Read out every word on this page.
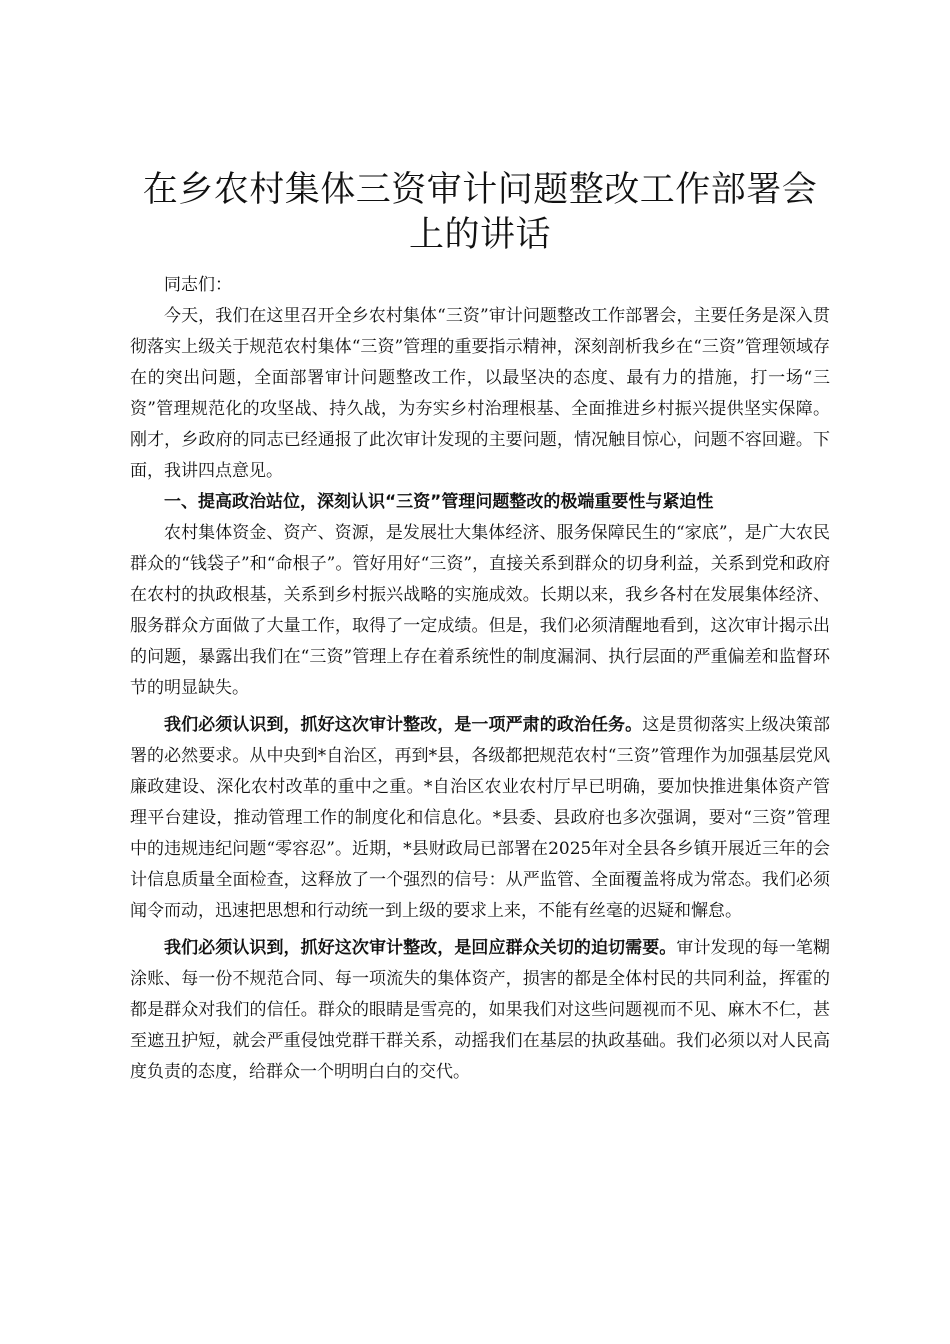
在乡农村集体三资审计问题整改工作部署会上的讲话

同志们：

今天，我们在这里召开全乡农村集体“三资”审计问题整改工作部署会，主要任务是深入贯彻落实上级关于规范农村集体“三资”管理的重要指示精神，深刻剖析我乡在“三资”管理领域存在的突出问题，全面部署审计问题整改工作，以最坚决的态度、最有力的措施，打一场“三资”管理规范化的攻坚战、持久战，为夯实乡村治理根基、全面推进乡村振兴提供坚实保障。刚才，乡政府的同志已经通报了此次审计发现的主要问题，情况触目惊心，问题不容回避。下面，我讲四点意见。

一、提高政治站位，深刻认识“三资”管理问题整改的极端重要性与紧迫性

农村集体资金、资产、资源，是发展壮大集体经济、服务保障民生的“家底”，是广大农民群众的“钱袋子”和“命根子”。管好用好“三资”，直接关系到群众的切身利益，关系到党和政府在农村的执政根基，关系到乡村振兴战略的实施成效。长期以来，我乡各村在发展集体经济、服务群众方面做了大量工作，取得了一定成绩。但是，我们必须清醒地看到，这次审计揭示出的问题，暴露出我们在“三资”管理上存在着系统性的制度漏洞、执行层面的严重偏差和监督环节的明显缺失。

我们必须认识到，抓好这次审计整改，是一项严肃的政治任务。这是贯彻落实上级决策部署的必然要求。从中央到*自治区，再到*县，各级都把规范农村“三资”管理作为加强基层党风廉政建设、深化农村改革的重中之重。*自治区农业农村厅早已明确，要加快推进集体资产管理平台建设，推动管理工作的制度化和信息化。*县委、县政府也多次强调，要对“三资”管理中的违规违纪问题“零容忍”。近期，*县财政局已部署在2025年对全县各乡镇开展近三年的会计信息质量全面检查，这释放了一个强烈的信号：从严监管、全面覆盖将成为常态。我们必须闻令而动，迅速把思想和行动统一到上级的要求上来，不能有丝毫的迟疑和懈怠。

我们必须认识到，抓好这次审计整改，是回应群众关切的迫切需要。审计发现的每一笔糊涂账、每一份不规范合同、每一项流失的集体资产，损害的都是全体村民的共同利益，挥霍的都是群众对我们的信任。群众的眼睛是雪亮的，如果我们对这些问题视而不见、麻木不仁，甚至遮丑护短，就会严重侵蚀党群干群关系，动摇我们在基层的执政基础。我们必须以对人民高度负责的态度，给群众一个明明白白的交代。
